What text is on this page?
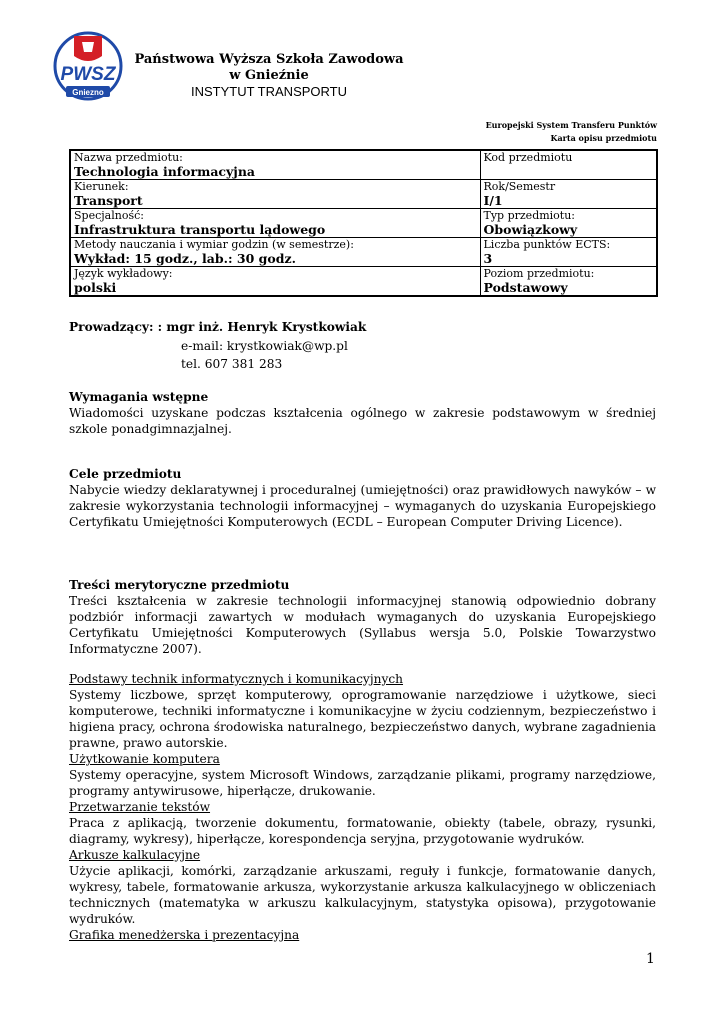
PWSZ
Gniezno
Państwowa Wyższa Szkoła Zawodowa
w Gnieźnie
INSTYTUT TRANSPORTU
Europejski System Transferu Punktów
Karta opisu przedmiotu
Nazwa przedmiotu:
Technologia informacyjna	Kod przedmiotu

Kierunek:
Transport	Rok/Semestr
I/1

Specjalność:
Infrastruktura transportu lądowego	Typ przedmiotu:
Obowiązkowy

Metody nauczania i wymiar godzin (w semestrze):
Wykład: 15 godz., lab.: 30 godz.	Liczba punktów ECTS:
3

Język wykładowy:
polski	Poziom przedmiotu:
Podstawowy
Prowadzący: : mgr inż. Henryk Krystkowiak
e-mail: krystkowiak@wp.pl
tel. 607 381 283
Wymagania wstępne
Wiadomości uzyskane podczas kształcenia ogólnego w zakresie podstawowym w średniej szkole ponadgimnazjalnej.
Cele przedmiotu
Nabycie wiedzy deklaratywnej i proceduralnej (umiejętności) oraz prawidłowych nawyków – w zakresie wykorzystania technologii informacyjnej – wymaganych do uzyskania Europejskiego Certyfikatu Umiejętności Komputerowych (ECDL – European Computer Driving Licence).
Treści merytoryczne przedmiotu
Treści kształcenia w zakresie technologii informacyjnej stanowią odpowiednio dobrany podzbiór informacji zawartych w modułach wymaganych do uzyskania Europejskiego Certyfikatu Umiejętności Komputerowych (Syllabus wersja 5.0, Polskie Towarzystwo Informatyczne 2007).
Podstawy technik informatycznych i komunikacyjnych
Systemy liczbowe, sprzęt komputerowy, oprogramowanie narzędziowe i użytkowe, sieci komputerowe, techniki informatyczne i komunikacyjne w życiu codziennym, bezpieczeństwo i higiena pracy, ochrona środowiska naturalnego, bezpieczeństwo danych, wybrane zagadnienia prawne, prawo autorskie.
Użytkowanie komputera
Systemy operacyjne, system Microsoft Windows, zarządzanie plikami, programy narzędziowe, programy antywirusowe, hiperłącze, drukowanie.
Przetwarzanie tekstów
Praca z aplikacją, tworzenie dokumentu, formatowanie, obiekty (tabele, obrazy, rysunki, diagramy, wykresy), hiperłącze, korespondencja seryjna, przygotowanie wydruków.
Arkusze kalkulacyjne
Użycie aplikacji, komórki, zarządzanie arkuszami, reguły i funkcje, formatowanie danych, wykresy, tabele, formatowanie arkusza, wykorzystanie arkusza kalkulacyjnego w obliczeniach technicznych (matematyka w arkuszu kalkulacyjnym, statystyka opisowa), przygotowanie wydruków.
Grafika menedżerska i prezentacyjna
1
